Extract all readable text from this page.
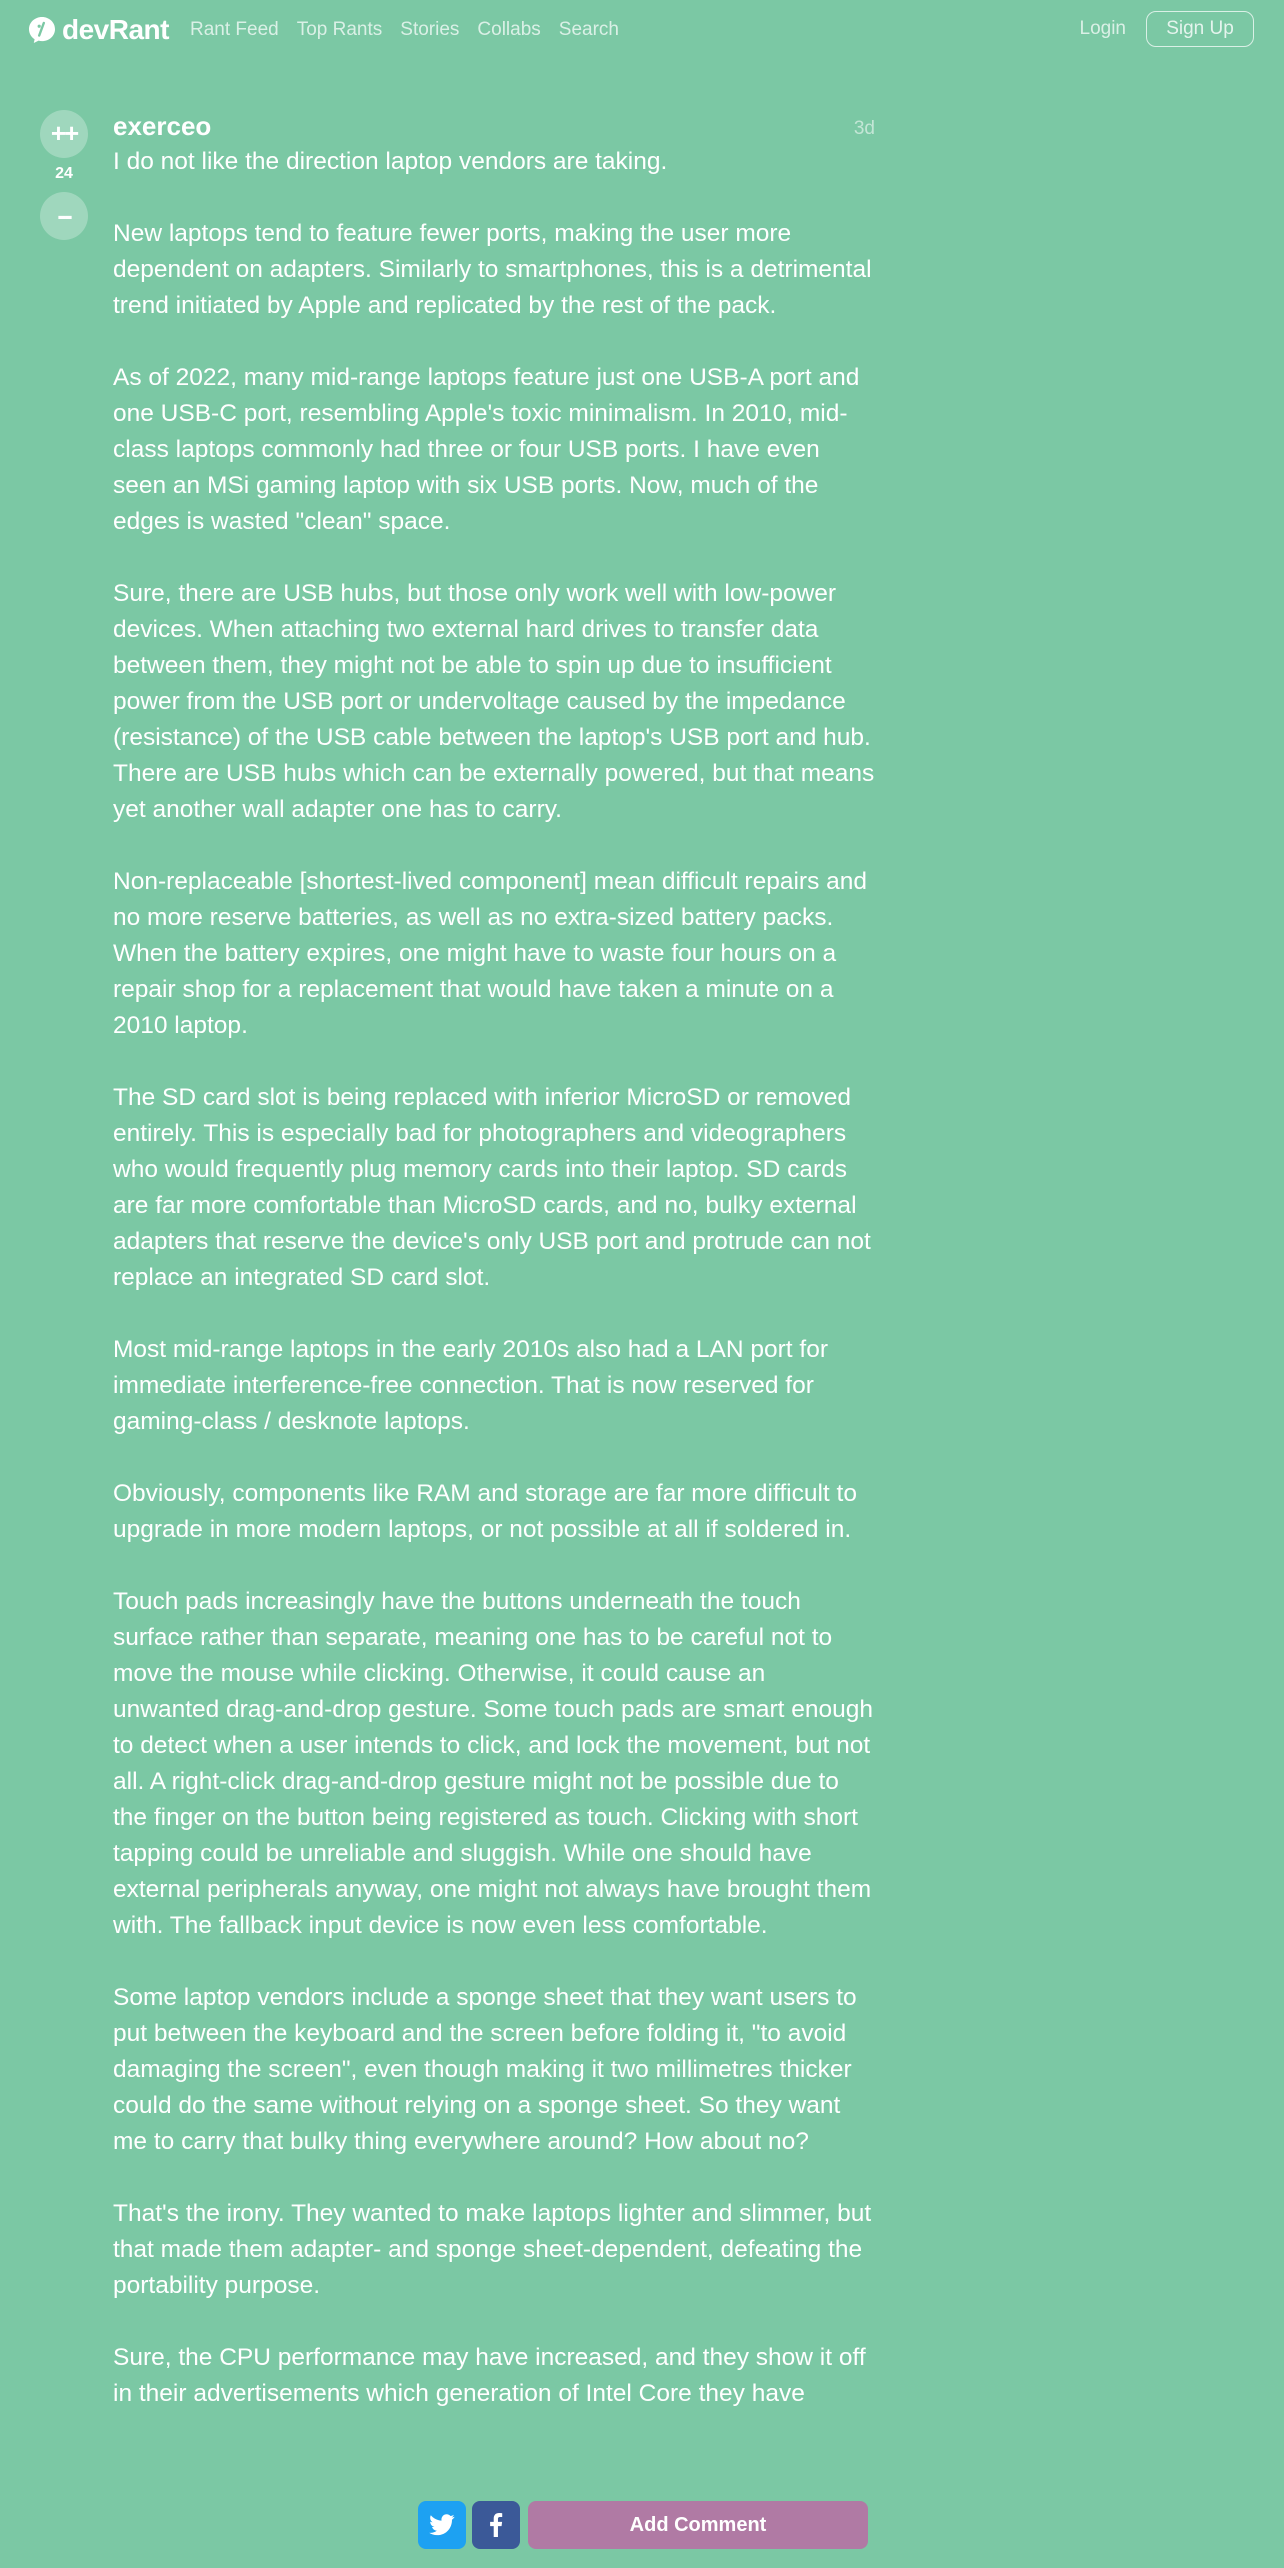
devRant Rant Feed Top Rants Stories Collabs Search	Login	Sign Up
++
24
--
exerceo	3d

I do not like the direction laptop vendors are taking.

New laptops tend to feature fewer ports, making the user more dependent on adapters. Similarly to smartphones, this is a detrimental trend initiated by Apple and replicated by the rest of the pack.

As of 2022, many mid-range laptops feature just one USB-A port and one USB-C port, resembling Apple's toxic minimalism. In 2010, mid-class laptops commonly had three or four USB ports. I have even seen an MSi gaming laptop with six USB ports. Now, much of the edges is wasted "clean" space.

Sure, there are USB hubs, but those only work well with low-power devices. When attaching two external hard drives to transfer data between them, they might not be able to spin up due to insufficient power from the USB port or undervoltage caused by the impedance (resistance) of the USB cable between the laptop's USB port and hub. There are USB hubs which can be externally powered, but that means yet another wall adapter one has to carry.

Non-replaceable [shortest-lived component] mean difficult repairs and no more reserve batteries, as well as no extra-sized battery packs. When the battery expires, one might have to waste four hours on a repair shop for a replacement that would have taken a minute on a 2010 laptop.

The SD card slot is being replaced with inferior MicroSD or removed entirely. This is especially bad for photographers and videographers who would frequently plug memory cards into their laptop. SD cards are far more comfortable than MicroSD cards, and no, bulky external adapters that reserve the device's only USB port and protrude can not replace an integrated SD card slot.

Most mid-range laptops in the early 2010s also had a LAN port for immediate interference-free connection. That is now reserved for gaming-class / desknote laptops.

Obviously, components like RAM and storage are far more difficult to upgrade in more modern laptops, or not possible at all if soldered in.

Touch pads increasingly have the buttons underneath the touch surface rather than separate, meaning one has to be careful not to move the mouse while clicking. Otherwise, it could cause an unwanted drag-and-drop gesture. Some touch pads are smart enough to detect when a user intends to click, and lock the movement, but not all. A right-click drag-and-drop gesture might not be possible due to the finger on the button being registered as touch. Clicking with short tapping could be unreliable and sluggish. While one should have external peripherals anyway, one might not always have brought them with. The fallback input device is now even less comfortable.

Some laptop vendors include a sponge sheet that they want users to put between the keyboard and the screen before folding it, "to avoid damaging the screen", even though making it two millimetres thicker could do the same without relying on a sponge sheet. So they want me to carry that bulky thing everywhere around? How about no?

That's the irony. They wanted to make laptops lighter and slimmer, but that made them adapter- and sponge sheet-dependent, defeating the portability purpose.

Sure, the CPU performance may have increased, and they show it off in their advertisements which generation of Intel Core they have

Add Comment
